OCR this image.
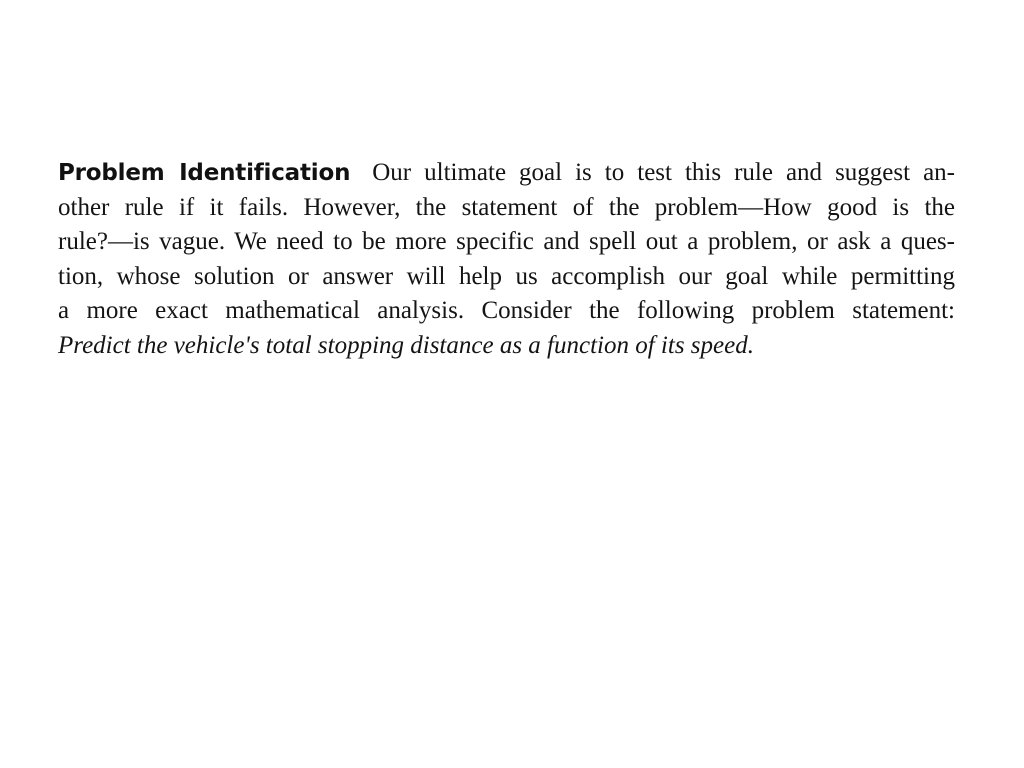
Problem Identification Our ultimate goal is to test this rule and suggest an-
other rule if it fails. However, the statement of the problem—How good is the
rule?—is vague. We need to be more specific and spell out a problem, or ask a ques-
tion, whose solution or answer will help us accomplish our goal while permitting
a more exact mathematical analysis. Consider the following problem statement:
Predict the vehicle's total stopping distance as a function of its speed.
